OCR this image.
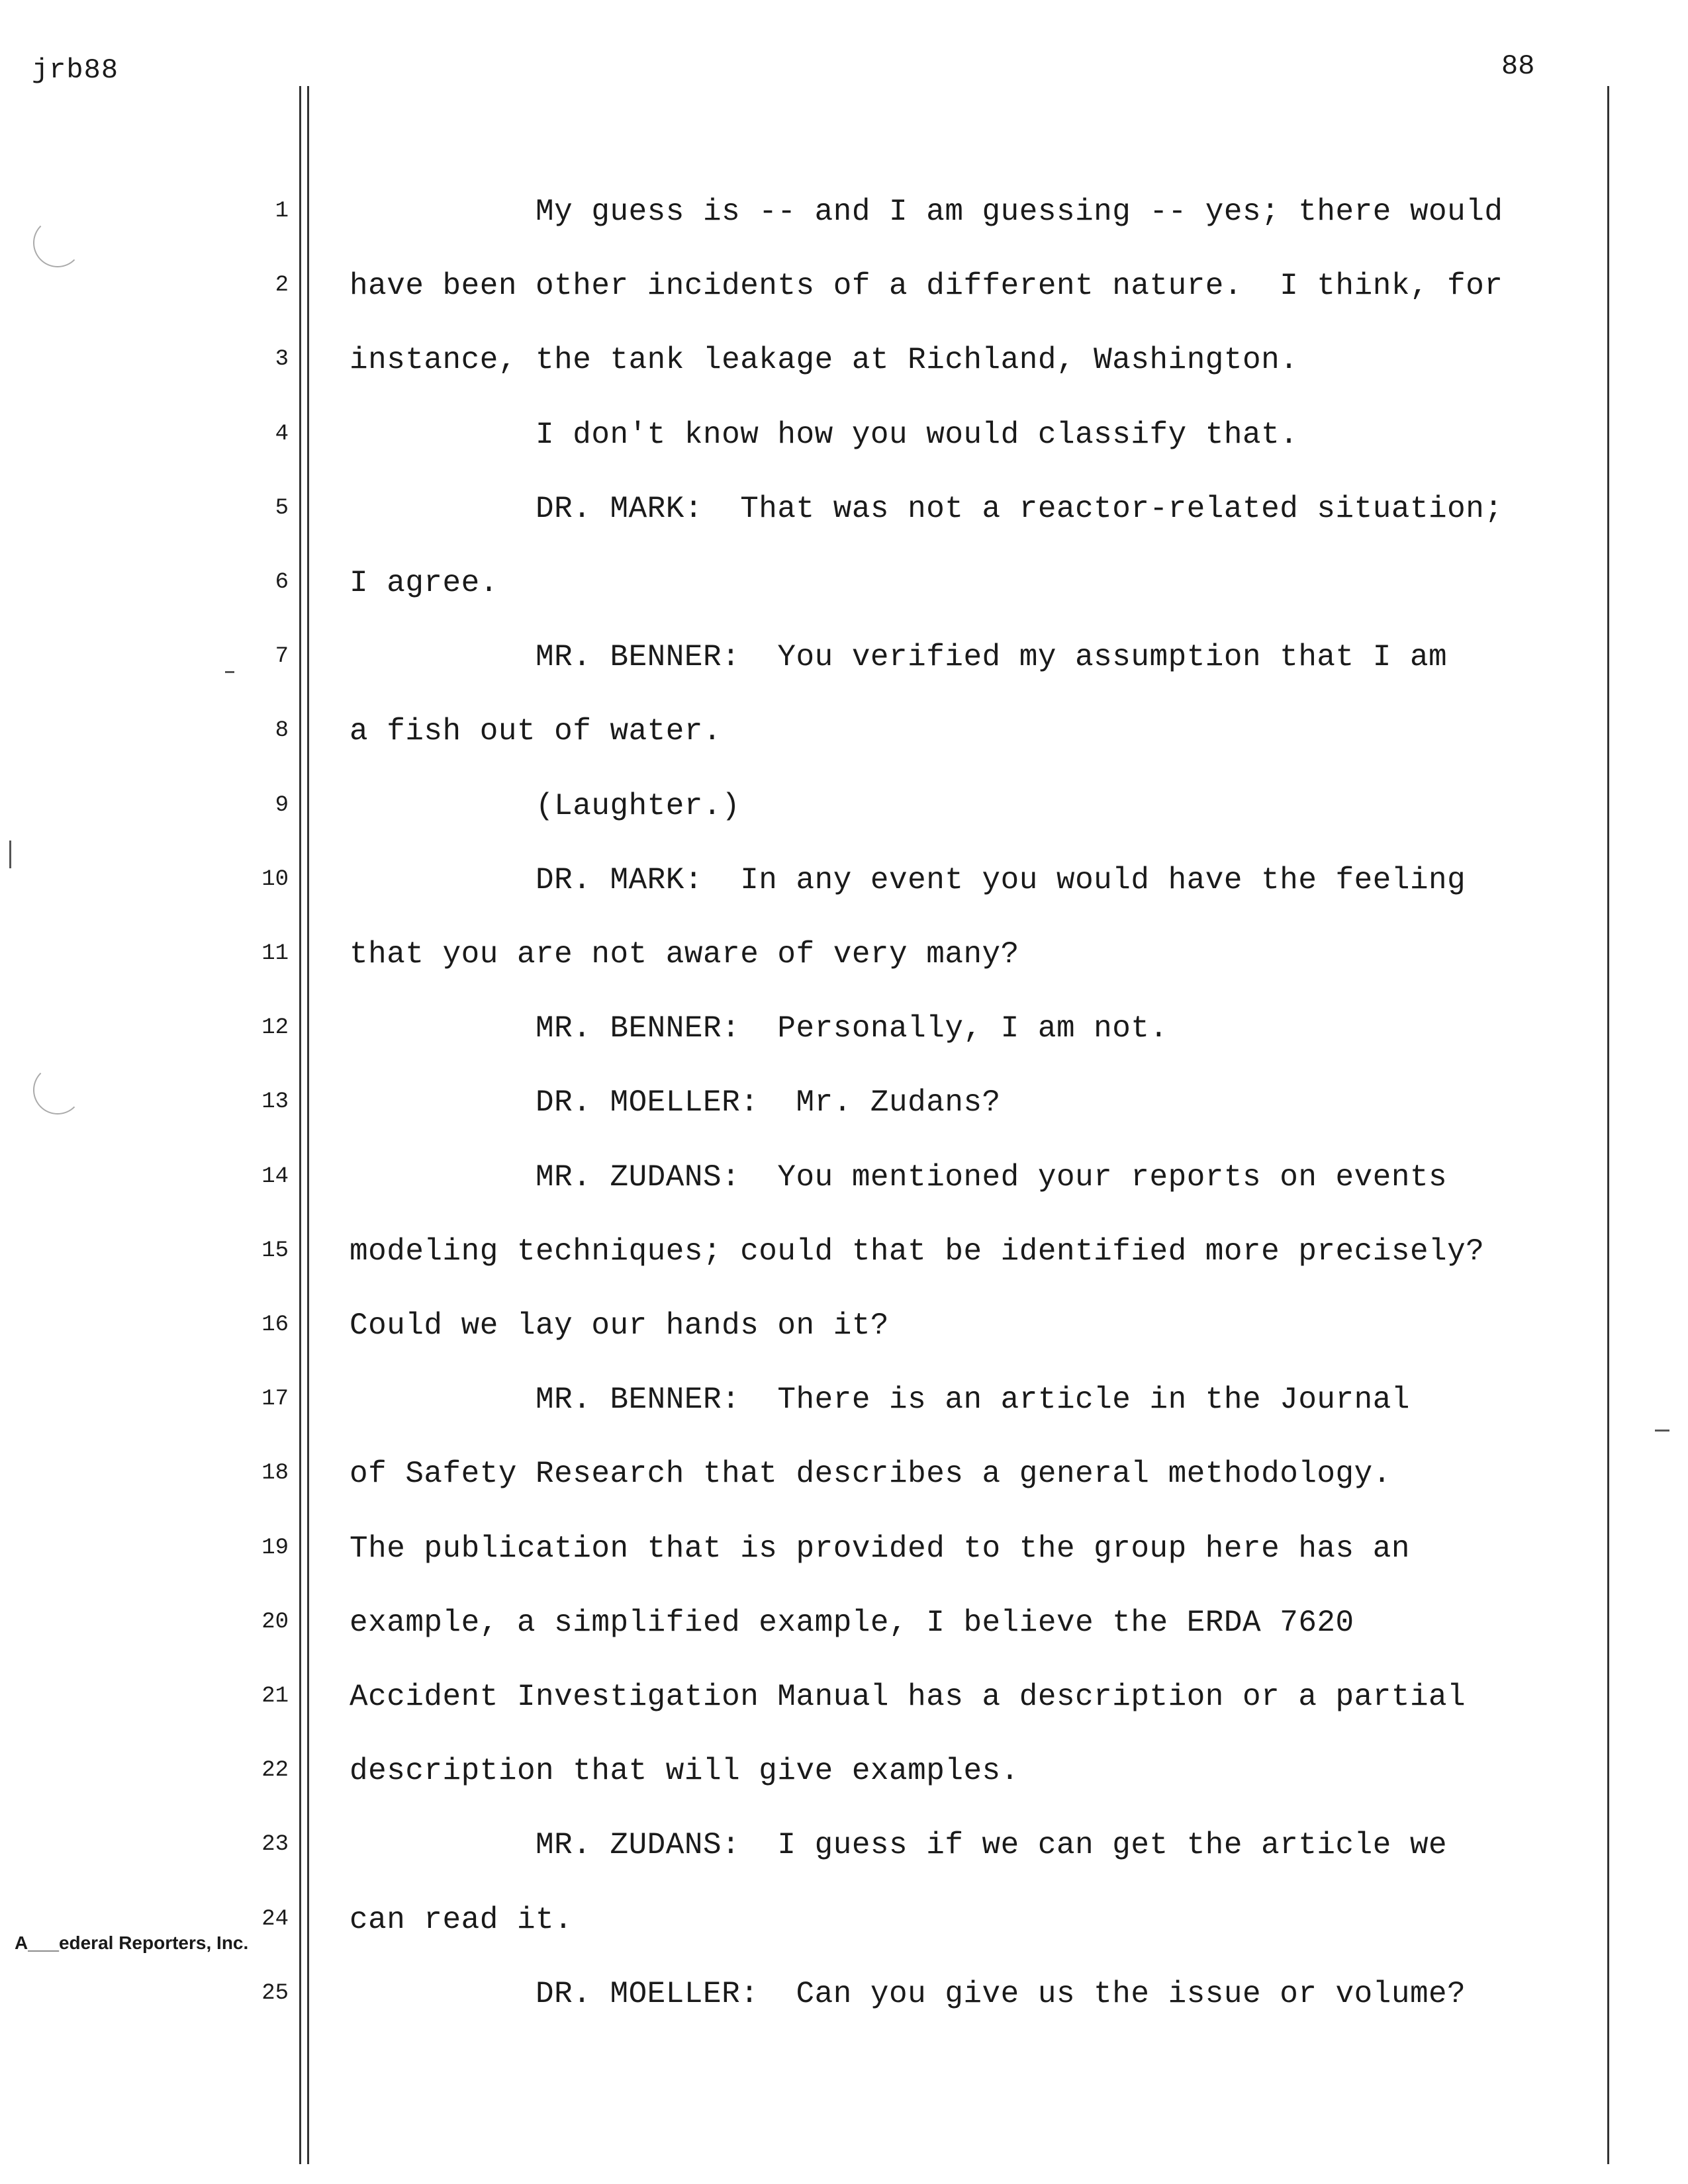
jrb88	88
1
2
3
4
5
6
7
8
9
10
11
12
13
14
15
16
17
18
19
20
21
22
23
24
25
My guess is -- and I am guessing -- yes; there would
have been other incidents of a different nature.  I think, for
instance, the tank leakage at Richland, Washington.
I don't know how you would classify that.
DR. MARK:  That was not a reactor-related situation;
I agree.
MR. BENNER:  You verified my assumption that I am
a fish out of water.
(Laughter.)
DR. MARK:  In any event you would have the feeling
that you are not aware of very many?
MR. BENNER:  Personally, I am not.
DR. MOELLER:  Mr. Zudans?
MR. ZUDANS:  You mentioned your reports on events
modeling techniques; could that be identified more precisely?
Could we lay our hands on it?
MR. BENNER:  There is an article in the Journal
of Safety Research that describes a general methodology.
The publication that is provided to the group here has an
example, a simplified example, I believe the ERDA 7620
Accident Investigation Manual has a description or a partial
description that will give examples.
MR. ZUDANS:  I guess if we can get the article we
can read it.
DR. MOELLER:  Can you give us the issue or volume?
A___ederal Reporters, Inc.
